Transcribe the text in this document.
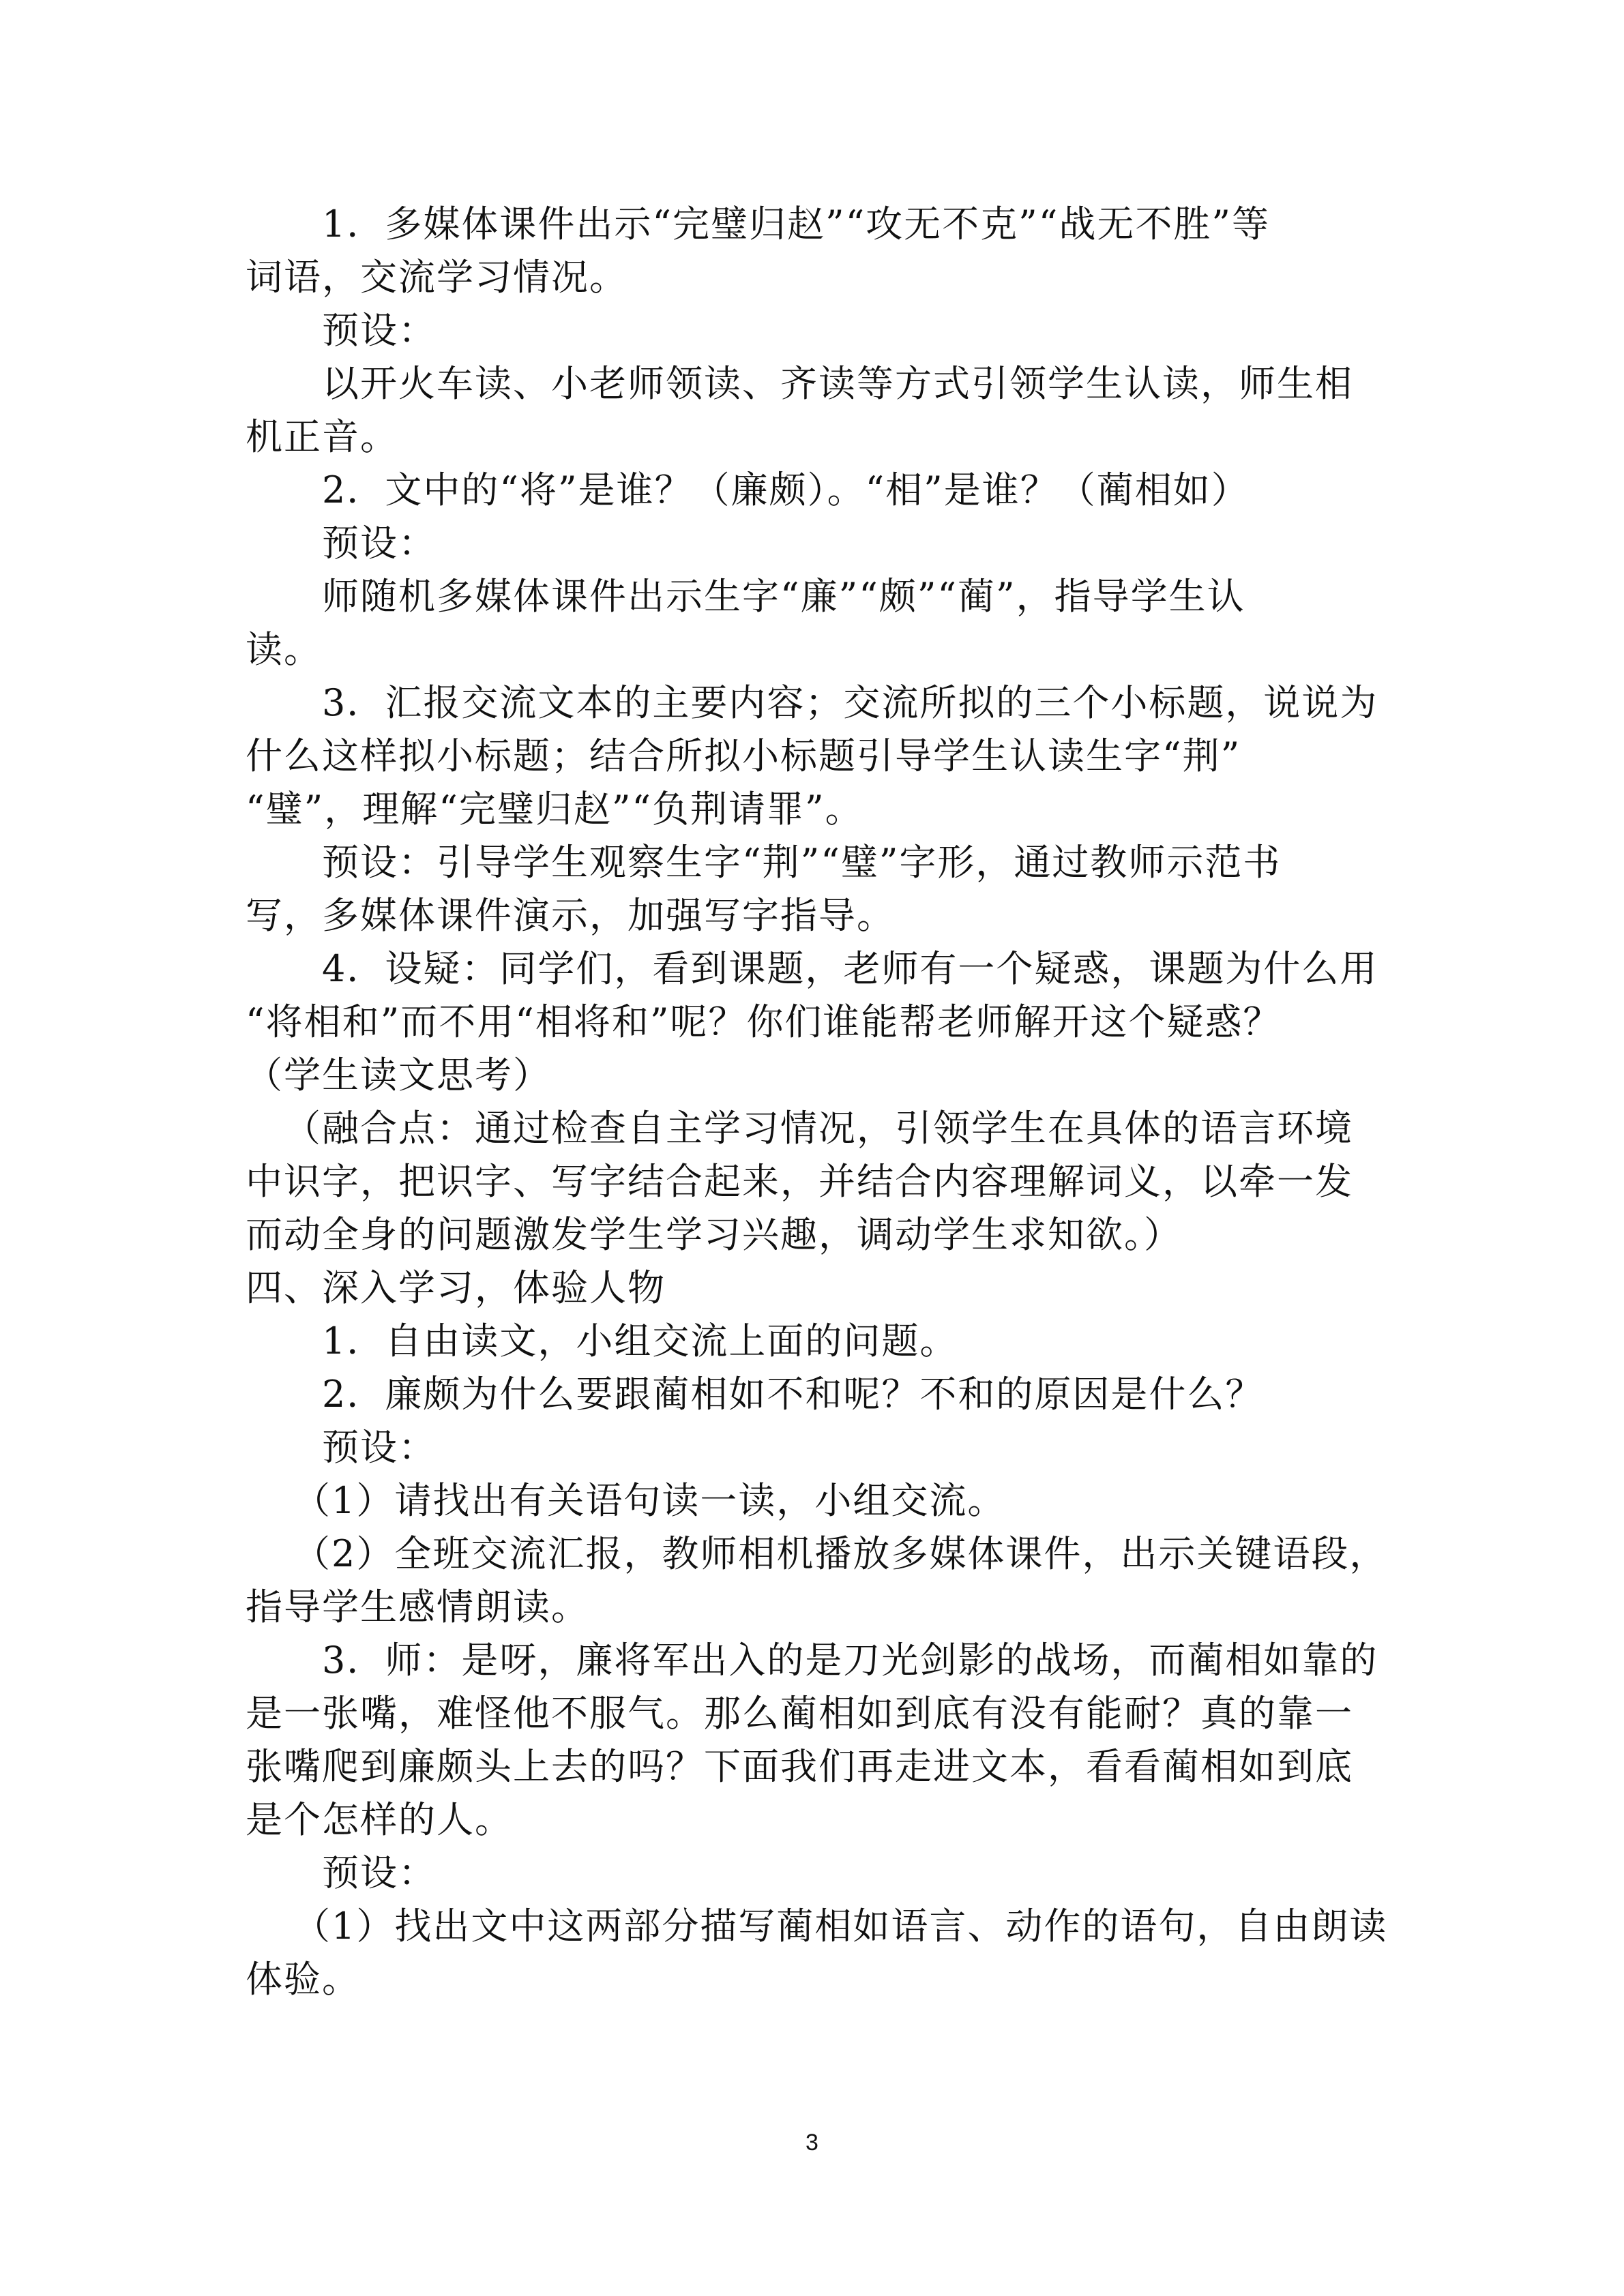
1．多媒体课件出示“完璧归赵”“攻无不克”“战无不胜”等
词语，交流学习情况。
预设：
以开火车读、小老师领读、齐读等方式引领学生认读，师生相
机正音。
2．文中的“将”是谁？（廉颇）。“相”是谁？（蔺相如）
预设：
师随机多媒体课件出示生字“廉”“颇”“蔺”，指导学生认
读。
3．汇报交流文本的主要内容；交流所拟的三个小标题，说说为
什么这样拟小标题；结合所拟小标题引导学生认读生字“荆”
“璧”，理解“完璧归赵”“负荆请罪”。
预设：引导学生观察生字“荆”“璧”字形，通过教师示范书
写，多媒体课件演示，加强写字指导。
4．设疑：同学们，看到课题，老师有一个疑惑，课题为什么用
“将相和”而不用“相将和”呢？你们谁能帮老师解开这个疑惑？
（学生读文思考）
（融合点：通过检查自主学习情况，引领学生在具体的语言环境
中识字，把识字、写字结合起来，并结合内容理解词义，以牵一发
而动全身的问题激发学生学习兴趣，调动学生求知欲。）
四、深入学习，体验人物
1．自由读文，小组交流上面的问题。
2．廉颇为什么要跟蔺相如不和呢？不和的原因是什么？
预设：
（1）请找出有关语句读一读，小组交流。
（2）全班交流汇报，教师相机播放多媒体课件，出示关键语段，
指导学生感情朗读。
3．师：是呀，廉将军出入的是刀光剑影的战场，而蔺相如靠的
是一张嘴，难怪他不服气。那么蔺相如到底有没有能耐？真的靠一
张嘴爬到廉颇头上去的吗？下面我们再走进文本，看看蔺相如到底
是个怎样的人。
预设：
（1）找出文中这两部分描写蔺相如语言、动作的语句，自由朗读
体验。
3
